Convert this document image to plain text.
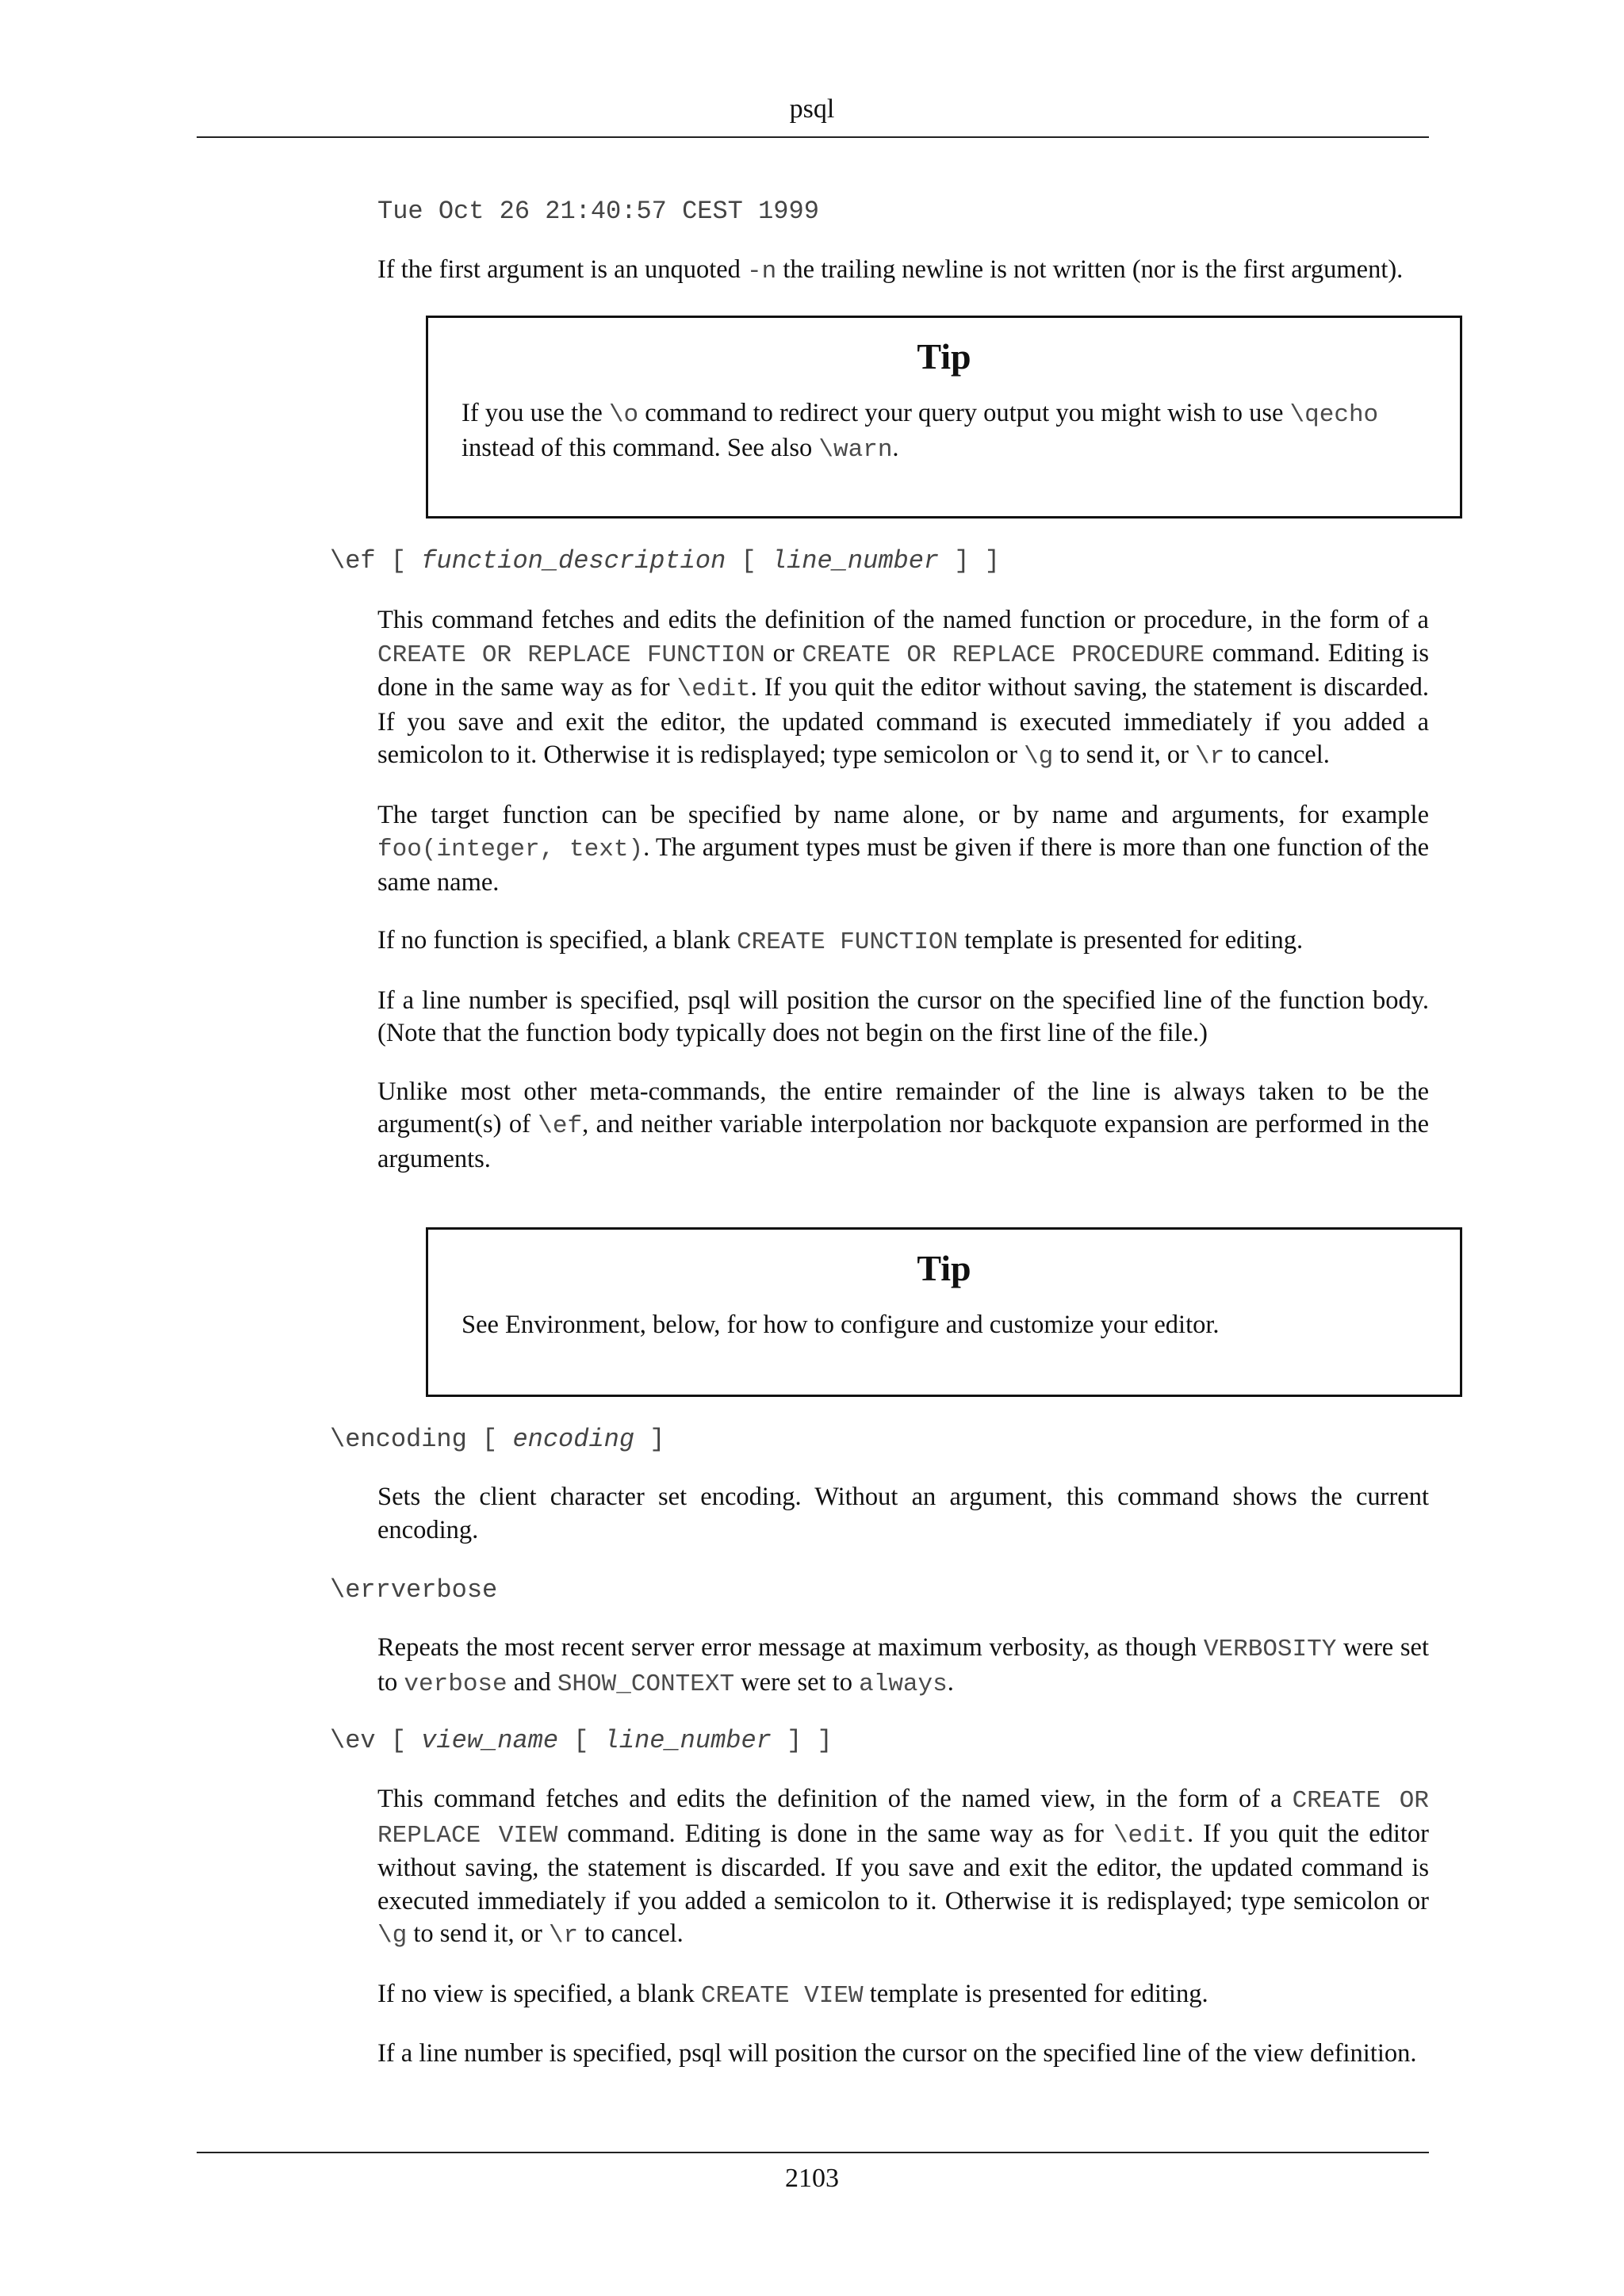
psql
Tue Oct 26 21:40:57 CEST 1999

If the first argument is an unquoted -n the trailing newline is not written (nor is the first argument).

Tip

If you use the \o command to redirect your query output you might wish to use \qecho instead of this command. See also \warn.

\ef [ function_description [ line_number ] ]

This command fetches and edits the definition of the named function or procedure, in the form of a CREATE OR REPLACE FUNCTION or CREATE OR REPLACE PROCEDURE command. Editing is done in the same way as for \edit. If you quit the editor without saving, the statement is discarded. If you save and exit the editor, the updated command is executed immediately if you added a semicolon to it. Otherwise it is redisplayed; type semicolon or \g to send it, or \r to cancel.

The target function can be specified by name alone, or by name and arguments, for example foo(integer, text). The argument types must be given if there is more than one function of the same name.

If no function is specified, a blank CREATE FUNCTION template is presented for editing.

If a line number is specified, psql will position the cursor on the specified line of the function body. (Note that the function body typically does not begin on the first line of the file.)

Unlike most other meta-commands, the entire remainder of the line is always taken to be the argument(s) of \ef, and neither variable interpolation nor backquote expansion are performed in the arguments.

Tip

See Environment, below, for how to configure and customize your editor.

\encoding [ encoding ]

Sets the client character set encoding. Without an argument, this command shows the current encoding.

\errverbose

Repeats the most recent server error message at maximum verbosity, as though VERBOSITY were set to verbose and SHOW_CONTEXT were set to always.

\ev [ view_name [ line_number ] ]

This command fetches and edits the definition of the named view, in the form of a CREATE OR REPLACE VIEW command. Editing is done in the same way as for \edit. If you quit the editor without saving, the statement is discarded. If you save and exit the editor, the updated command is executed immediately if you added a semicolon to it. Otherwise it is redisplayed; type semicolon or \g to send it, or \r to cancel.

If no view is specified, a blank CREATE VIEW template is presented for editing.

If a line number is specified, psql will position the cursor on the specified line of the view definition.

2103
